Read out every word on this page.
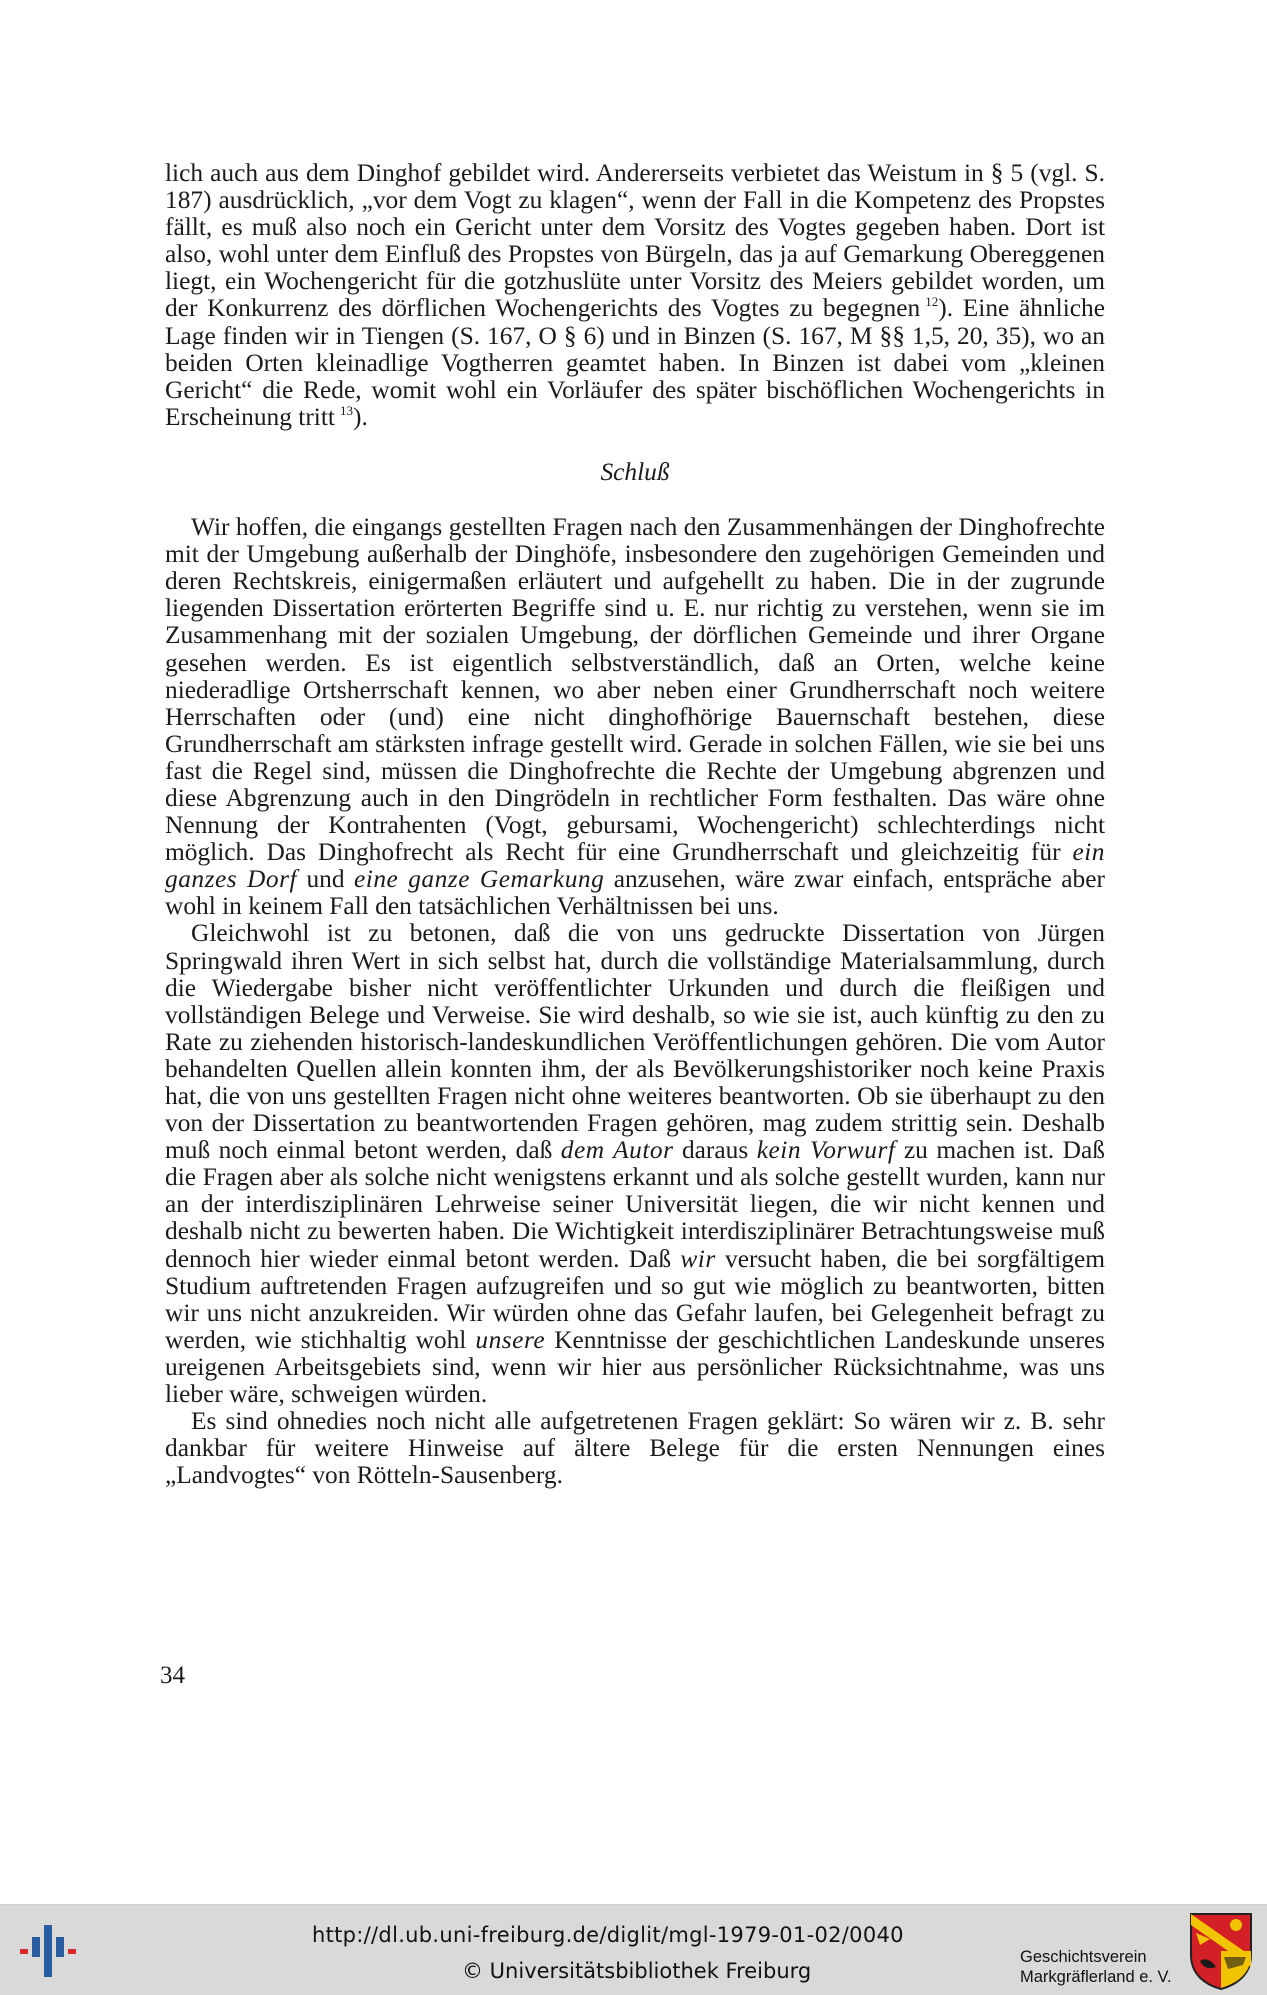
lich auch aus dem Dinghof gebildet wird. Andererseits verbietet das Weistum in § 5 (vgl. S. 187) ausdrücklich, „vor dem Vogt zu klagen“, wenn der Fall in die Kompetenz des Propstes fällt, es muß also noch ein Gericht unter dem Vorsitz des Vogtes gegeben haben. Dort ist also, wohl unter dem Einfluß des Propstes von Bürgeln, das ja auf Gemarkung Obereggenen liegt, ein Wochengericht für die gotzhuslüte unter Vorsitz des Meiers gebildet worden, um der Konkurrenz des dörflichen Wochengerichts des Vogtes zu begegnen  $^{12}$). Eine ähnliche Lage finden wir in Tiengen (S. 167, O § 6) und in Binzen (S. 167, M §§ 1,5, 20, 35), wo an beiden Orten kleinadlige Vogtherren geamtet haben. In Binzen ist dabei vom „kleinen Gericht“ die Rede, womit wohl ein Vorläufer des später bischöflichen Wochengerichts in Erscheinung tritt  $^{13}$).

Schluß

Wir hoffen, die eingangs gestellten Fragen nach den Zusammenhängen der Dinghofrechte mit der Umgebung außerhalb der Dinghöfe, insbesondere den zugehörigen Gemeinden und deren Rechtskreis, einigermaßen erläutert und aufgehellt zu haben. Die in der zugrunde liegenden Dissertation erörterten Begriffe sind u. E. nur richtig zu verstehen, wenn sie im Zusammenhang mit der sozialen Umgebung, der dörflichen Gemeinde und ihrer Organe gesehen werden. Es ist eigentlich selbstverständlich, daß an Orten, welche keine niederadlige Ortsherrschaft kennen, wo aber neben einer Grundherrschaft noch weitere Herrschaften oder (und) eine nicht dinghofhörige Bauernschaft bestehen, diese Grundherrschaft am stärksten infrage gestellt wird. Gerade in solchen Fällen, wie sie bei uns fast die Regel sind, müssen die Dinghofrechte die Rechte der Umgebung abgrenzen und diese Abgrenzung auch in den Dingrödeln in rechtlicher Form festhalten. Das wäre ohne Nennung der Kontrahenten (Vogt, gebursami, Wochengericht) schlechterdings nicht möglich. Das Dinghofrecht als Recht für eine Grundherrschaft und gleichzeitig für ein ganzes Dorf und eine ganze Gemarkung anzusehen, wäre zwar einfach, entspräche aber wohl in keinem Fall den tatsächlichen Verhältnissen bei uns.

Gleichwohl ist zu betonen, daß die von uns gedruckte Dissertation von Jürgen Springwald ihren Wert in sich selbst hat, durch die vollständige Materialsammlung, durch die Wiedergabe bisher nicht veröffentlichter Urkunden und durch die fleißigen und vollständigen Belege und Verweise. Sie wird deshalb, so wie sie ist, auch künftig zu den zu Rate zu ziehenden historisch-landeskundlichen Veröffentlichungen gehören. Die vom Autor behandelten Quellen allein konnten ihm, der als Bevölkerungshistoriker noch keine Praxis hat, die von uns gestellten Fragen nicht ohne weiteres beantworten. Ob sie überhaupt zu den von der Dissertation zu beantwortenden Fragen gehören, mag zudem strittig sein. Deshalb muß noch einmal betont werden, daß dem Autor daraus kein Vorwurf zu machen ist. Daß die Fragen aber als solche nicht wenigstens erkannt und als solche gestellt wurden, kann nur an der interdisziplinären Lehrweise seiner Universität liegen, die wir nicht kennen und deshalb nicht zu bewerten haben. Die Wichtigkeit interdisziplinärer Betrachtungsweise muß dennoch hier wieder einmal betont werden. Daß wir versucht haben, die bei sorgfältigem Studium auftretenden Fragen aufzugreifen und so gut wie möglich zu beantworten, bitten wir uns nicht anzukreiden. Wir würden ohne das Gefahr laufen, bei Gelegenheit befragt zu werden, wie stichhaltig wohl unsere Kenntnisse der geschichtlichen Landeskunde unseres ureigenen Arbeitsgebiets sind, wenn wir hier aus persönlicher Rücksichtnahme, was uns lieber wäre, schweigen würden.

Es sind ohnedies noch nicht alle aufgetretenen Fragen geklärt: So wären wir z. B. sehr dankbar für weitere Hinweise auf ältere Belege für die ersten Nennungen eines „Landvogtes“ von Rötteln-Sausenberg.

34
http://dl.ub.uni-freiburg.de/diglit/mgl-1979-01-02/0040
© Universitätsbibliothek Freiburg
Geschichtsverein
Markgräflerland e. V.
